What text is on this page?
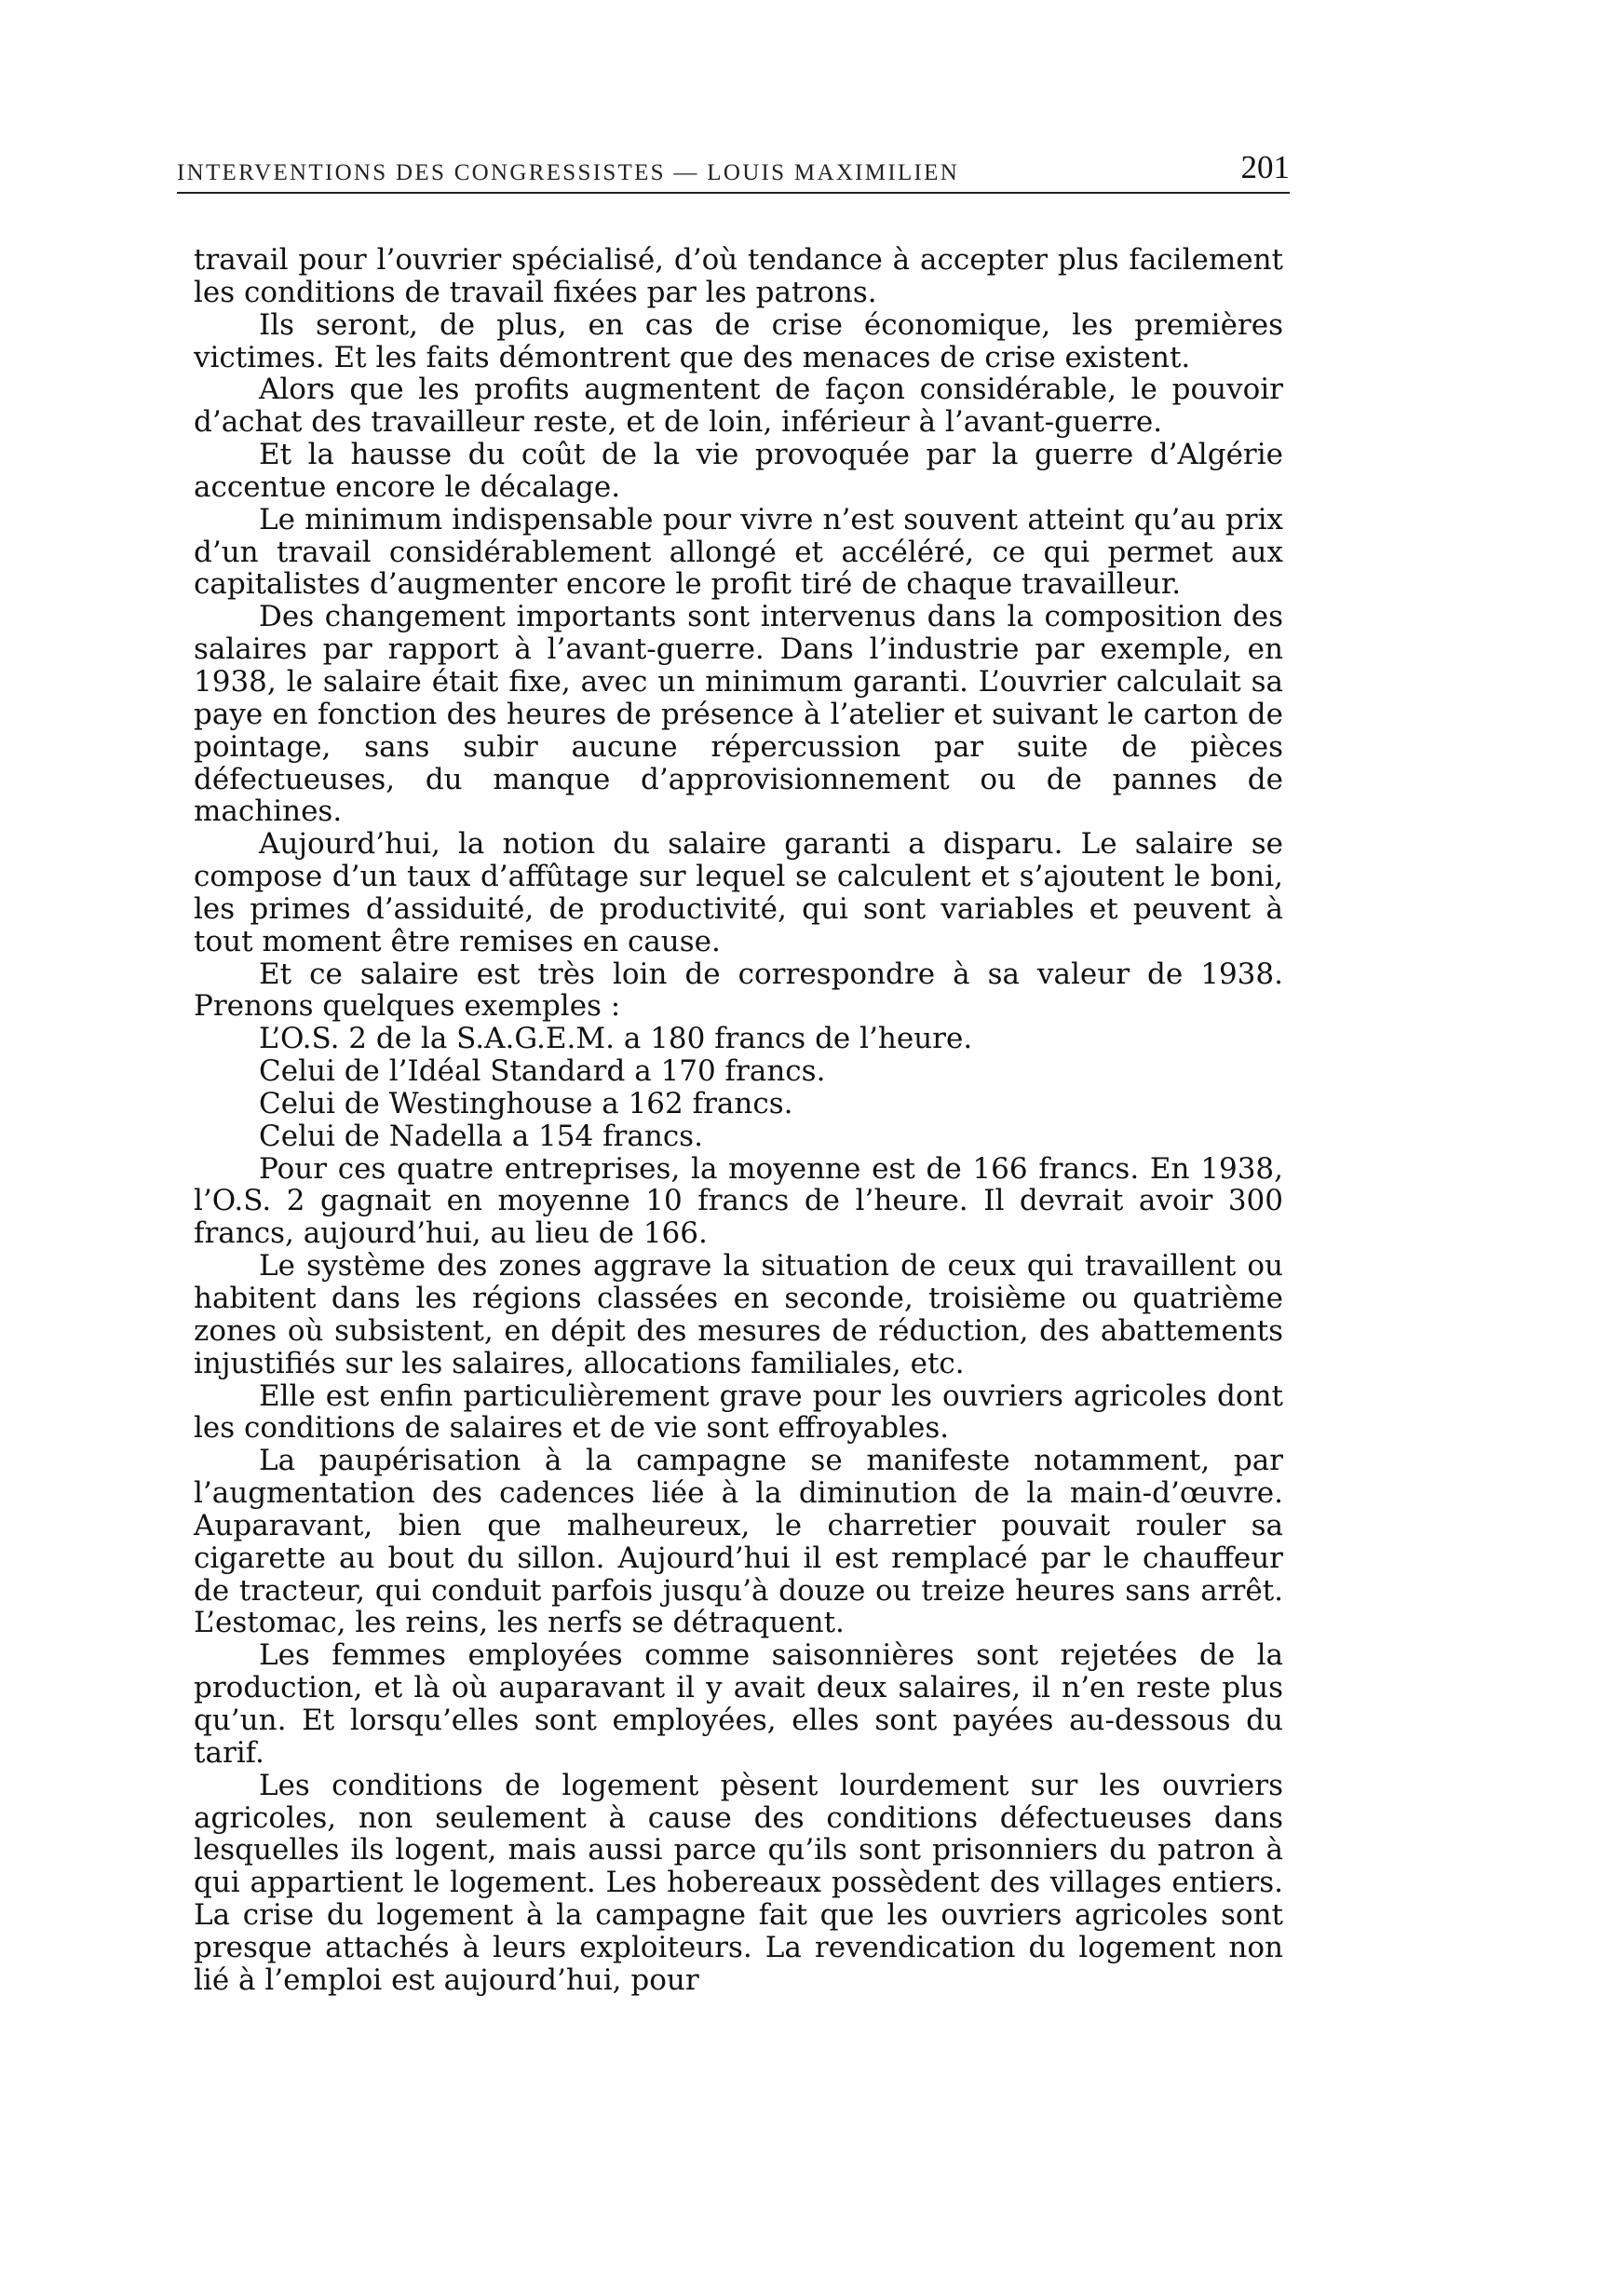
INTERVENTIONS DES CONGRESSISTES — LOUIS MAXIMILIEN	201

travail pour l’ouvrier spécialisé, d’où tendance à accepter plus facilement les conditions de travail fixées par les patrons.

Ils seront, de plus, en cas de crise économique, les premières victimes. Et les faits démontrent que des menaces de crise existent.

Alors que les profits augmentent de façon considérable, le pouvoir d’achat des travailleur reste, et de loin, inférieur à l’avant-guerre.

Et la hausse du coût de la vie provoquée par la guerre d’Algérie accentue encore le décalage.

Le minimum indispensable pour vivre n’est souvent atteint qu’au prix d’un travail considérablement allongé et accéléré, ce qui permet aux capitalistes d’augmenter encore le profit tiré de chaque travailleur.

Des changement importants sont intervenus dans la composition des salaires par rapport à l’avant-guerre. Dans l’industrie par exemple, en 1938, le salaire était fixe, avec un minimum garanti. L’ouvrier calculait sa paye en fonction des heures de présence à l’atelier et suivant le carton de pointage, sans subir aucune répercussion par suite de pièces défectueuses, du manque d’approvisionnement ou de pannes de machines.

Aujourd’hui, la notion du salaire garanti a disparu. Le salaire se compose d’un taux d’affûtage sur lequel se calculent et s’ajoutent le boni, les primes d’assiduité, de productivité, qui sont variables et peuvent à tout moment être remises en cause.

Et ce salaire est très loin de correspondre à sa valeur de 1938. Prenons quelques exemples :

L’O.S. 2 de la S.A.G.E.M. a 180 francs de l’heure.

Celui de l’Idéal Standard a 170 francs.

Celui de Westinghouse a 162 francs.

Celui de Nadella a 154 francs.

Pour ces quatre entreprises, la moyenne est de 166 francs. En 1938, l’O.S. 2 gagnait en moyenne 10 francs de l’heure. Il devrait avoir 300 francs, aujourd’hui, au lieu de 166.

Le système des zones aggrave la situation de ceux qui travaillent ou habitent dans les régions classées en seconde, troisième ou quatrième zones où subsistent, en dépit des mesures de réduction, des abattements injustifiés sur les salaires, allocations familiales, etc.

Elle est enfin particulièrement grave pour les ouvriers agricoles dont les conditions de salaires et de vie sont effroyables.

La paupérisation à la campagne se manifeste notamment, par l’augmentation des cadences liée à la diminution de la main-d’œuvre. Auparavant, bien que malheureux, le charretier pouvait rouler sa cigarette au bout du sillon. Aujourd’hui il est remplacé par le chauffeur de tracteur, qui conduit parfois jusqu’à douze ou treize heures sans arrêt. L’estomac, les reins, les nerfs se détraquent.

Les femmes employées comme saisonnières sont rejetées de la production, et là où auparavant il y avait deux salaires, il n’en reste plus qu’un. Et lorsqu’elles sont employées, elles sont payées au-dessous du tarif.

Les conditions de logement pèsent lourdement sur les ouvriers agricoles, non seulement à cause des conditions défectueuses dans lesquelles ils logent, mais aussi parce qu’ils sont prisonniers du patron à qui appartient le logement. Les hobereaux possèdent des villages entiers. La crise du logement à la campagne fait que les ouvriers agricoles sont presque attachés à leurs exploiteurs. La revendication du logement non lié à l’emploi est aujourd’hui, pour
